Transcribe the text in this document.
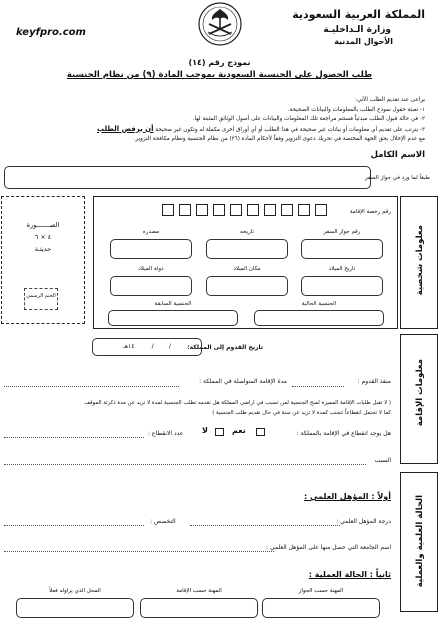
المملكة العربية السعودية
وزارة الـداخليـة
الأحوال المدنية
keyfpro.com
نموذج رقم (١٤)
طلب الحصول على الجنسية السعودية بموجب المادة (٩) من نظام الجنسية
يراعى عند تقديم الطلب الآتي:
١- تعبئة حقول نموذج الطلب بالمعلومات والبيانات الصحيحة.
٢- في حالة قبول الطلب مبدئياً فستتم مراجعة تلك المعلومات والبيانات على أصول الوثائق المثبتة لها.
٣- يترتب على تقديم أي معلومات أو بيانات غير صحيحة في هذا الطلب أو أي أوراق أخرى مكملة له وتكون غير صحيحة أن يرفض الطلب
مع عدم الإخلال بحق الجهة المختصة في تحريك دعوى التزوير وفقاً لأحكام المادة (٢٦) من نظام الجنسية ونظام مكافحة التزوير.
الاسم الكامل
طبقاً لما ورد في جواز السفر
معلومات شخصية
الصـــــــورة
٤ × ٦
حديثـة
الختم الرسمي
رقم رخصة الإقامة
رقم جواز السفر
تاريخه
مصدره
تاريخ الميلاد
مكان الميلاد
دولة الميلاد
الجنسية الحالية
الجنسية السابقة
تاريخ القدوم إلى المملكة:
/        /         ١٤هـ
معلومات الإقامة
منفذ القدوم :
مدة الإقامة المتواصلة في المملكة :
( لا تقبل طلبات الإقامة المميزة لمنح الجنسية لمن تسبب في أراضي المملكة هل تقدمه تطلب الجنسية لمدة لا تزيد عن مدة ذكرتة الموقف
كما لا تجتمل انقطاعاً تتجنب كمدة لا تزيد عن سنة في حال تقديم طلب الجنسية )
هل يوجد انقطاع في الإقامة بالمملكة :
نعم
لا
عدد الانقطاع :
السبب
الحالة العلمية والعملية
أولاً : المؤهل العلمي :
درجة المؤهل العلمي :
التخصص :
اسم الجامعة التي حصل منها على المؤهل العلمي :
ثانياً : الحالة العملية :
المهنة حسب الجواز
المهنة حسب الإقامة
المحل الذي يزاوله فعلاً
